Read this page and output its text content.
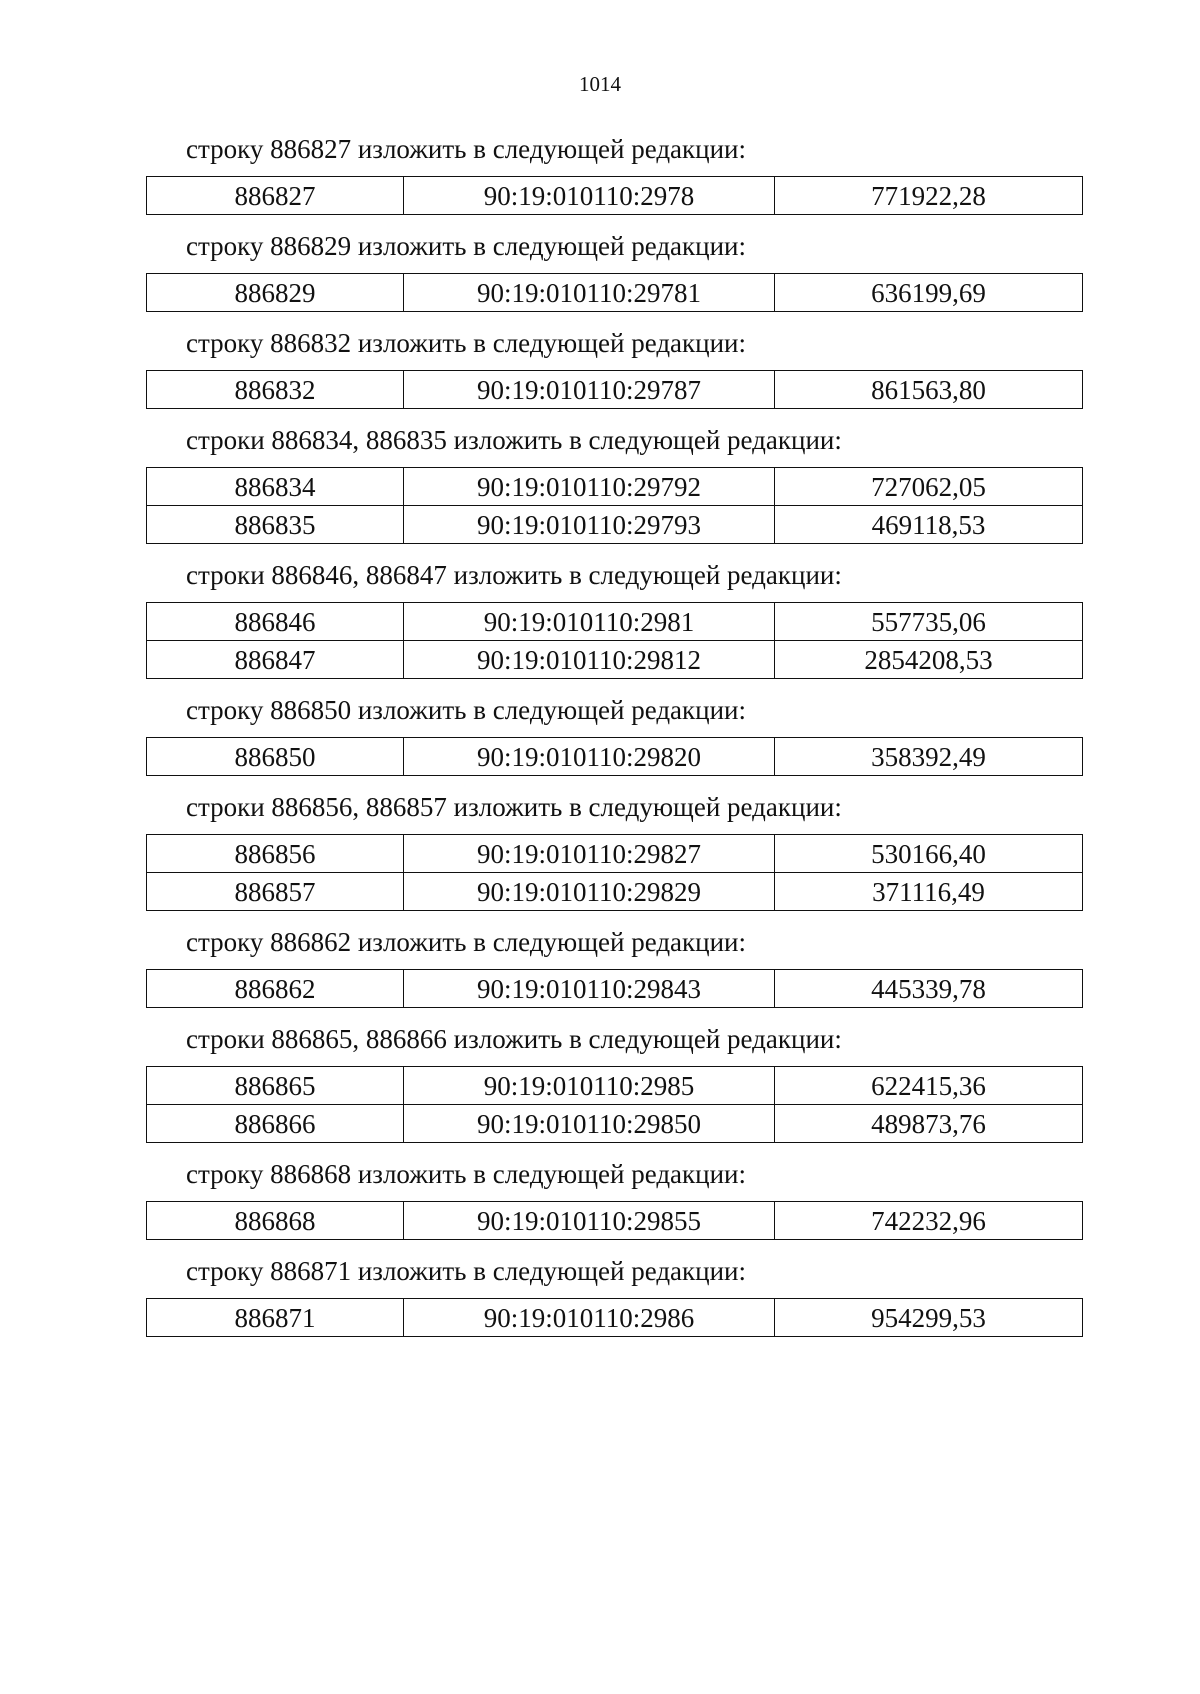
1014
строку 886827 изложить в следующей редакции:
886827	90:19:010110:2978	771922,28
строку 886829 изложить в следующей редакции:
886829	90:19:010110:29781	636199,69
строку 886832 изложить в следующей редакции:
886832	90:19:010110:29787	861563,80
строки 886834, 886835 изложить в следующей редакции:
886834	90:19:010110:29792	727062,05
886835	90:19:010110:29793	469118,53
строки 886846, 886847 изложить в следующей редакции:
886846	90:19:010110:2981	557735,06
886847	90:19:010110:29812	2854208,53
строку 886850 изложить в следующей редакции:
886850	90:19:010110:29820	358392,49
строки 886856, 886857 изложить в следующей редакции:
886856	90:19:010110:29827	530166,40
886857	90:19:010110:29829	371116,49
строку 886862 изложить в следующей редакции:
886862	90:19:010110:29843	445339,78
строки 886865, 886866 изложить в следующей редакции:
886865	90:19:010110:2985	622415,36
886866	90:19:010110:29850	489873,76
строку 886868 изложить в следующей редакции:
886868	90:19:010110:29855	742232,96
строку 886871 изложить в следующей редакции:
886871	90:19:010110:2986	954299,53
